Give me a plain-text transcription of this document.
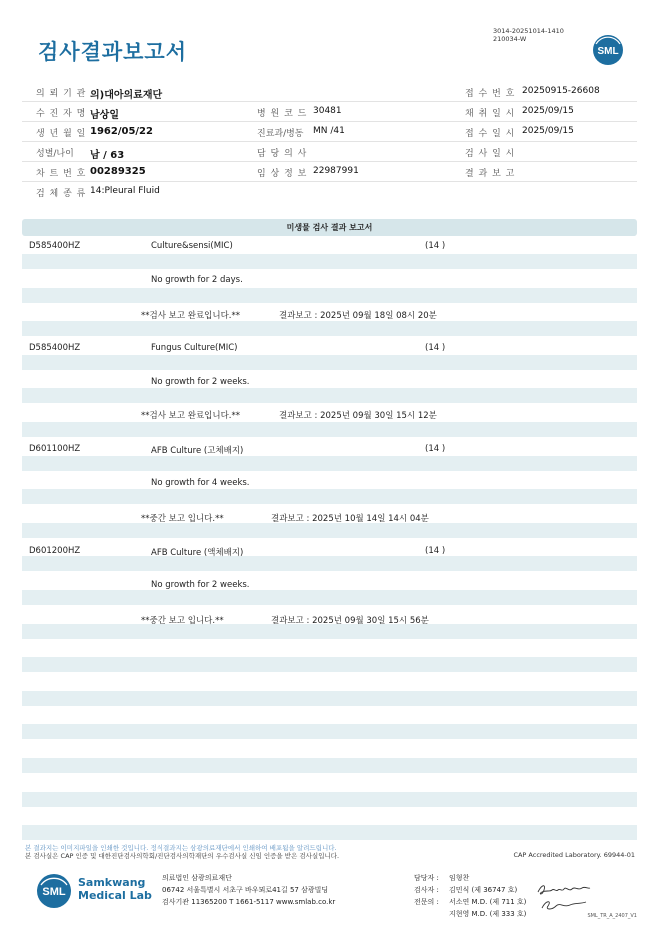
검사결과보고서
3014-20251014-1410
210034-W
SML
의 뢰 기 관 의)대아의료재단	접 수 번 호 20250915-26608
수 진 자 명 남상일	병 원 코 드 30481	채 취 일 시 2025/09/15
생 년 월 일 1962/05/22	진료과/병동 MN /41	접 수 일 시 2025/09/15
성별/나이 남 / 63	담 당 의 사	검 사 일 시
차 트 번 호 00289325	임 상 정 보 22987991	결 과 보 고
검 체 종 류 14:Pleural Fluid
미생물 검사 결과 보고서
D585400HZ	Culture&sensi(MIC)	(14 )
No growth for 2 days.
**검사 보고 완료입니다.**	결과보고 : 2025년 09월 18일 08시 20분
D585400HZ	Fungus Culture(MIC)	(14 )
No growth for 2 weeks.
**검사 보고 완료입니다.**	결과보고 : 2025년 09월 30일 15시 12분
D601100HZ	AFB Culture (고체배지)	(14 )
No growth for 4 weeks.
**중간 보고 입니다.**	결과보고 : 2025년 10월 14일 14시 04분
D601200HZ	AFB Culture (액체배지)	(14 )
No growth for 2 weeks.
**중간 보고 입니다.**	결과보고 : 2025년 09월 30일 15시 56분
본 결과지는 이미지파일을 인쇄한 것입니다. 정식결과지는 삼광의료재단에서 인쇄하여 배포됨을 알려드립니다.
본 검사실은 CAP 인증 및 대한진단검사의학회/진단검사의학재단의 우수검사실 신임 인증을 받은 검사실입니다.	CAP Accredited Laboratory. 69944-01
SML
Samkwang
Medical Lab
의료법인 삼광의료재단
06742 서울특별시 서초구 바우뫼로41길 57 삼광빌딩
검사기관 11365200 T 1661-5117 www.smlab.co.kr
담당자 :	임형찬
검사자 :	김민식 (제 36747 호)
전문의 :	서소연 M.D. (제 711 호)
지현영 M.D. (제 333 호)	SML_TR_A_2407_V1
